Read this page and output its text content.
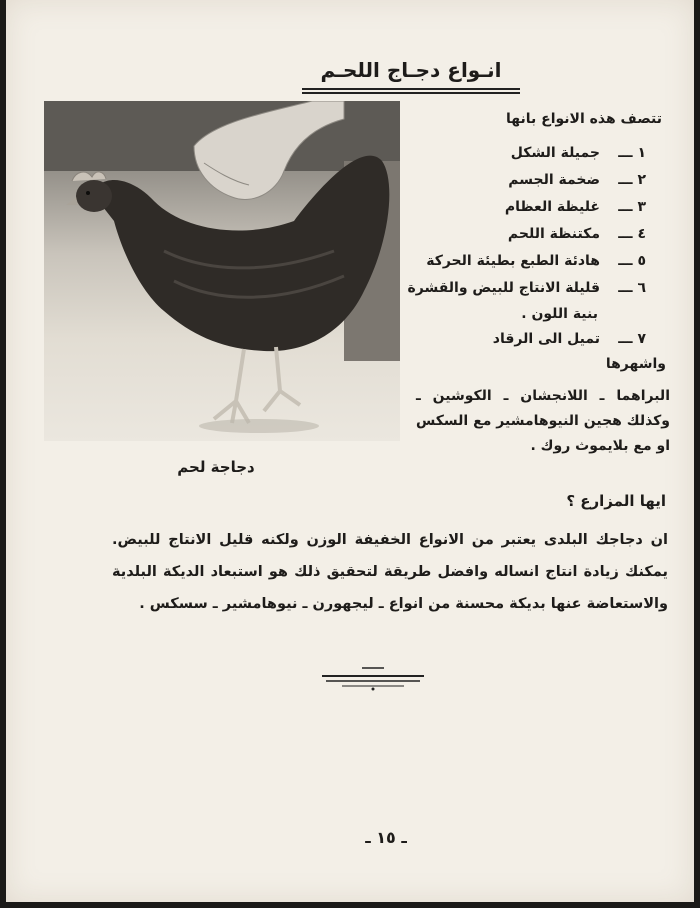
انـواع دجـاج اللحـم
دجاجة لحم
تتصف هذه الانواع بانها
١ ـــجميلة الشكل
٢ ـــضخمة الجسم
٣ ـــغليظة العظام
٤ ـــمكتنظة اللحم
٥ ـــهادئة الطبع بطيئة الحركة
٦ ـــقليلة الانتاج للبيض والقشرة
بنية اللون .
٧ ـــتميل الى الرقاد
واشهرها
البراهما ـ اللانجشان ـ الكوشين ـ وكذلك هجين النيوهامشير مع السكس او مع بلايموث روك .
ايها المزارع ؟
ان دجاجك البلدى يعتبر من الانواع الخفيفة الوزن ولكنه قليل الانتاج للبيض. يمكنك زيادة انتاج انساله وافضل طريقة لتحقيق ذلك هو استبعاد الديكة البلدية والاستعاضة عنها بديكة محسنة من انواع ـ ليجهورن ـ نيوهامشير ـ سسكس .
ـ ١٥ ـ
